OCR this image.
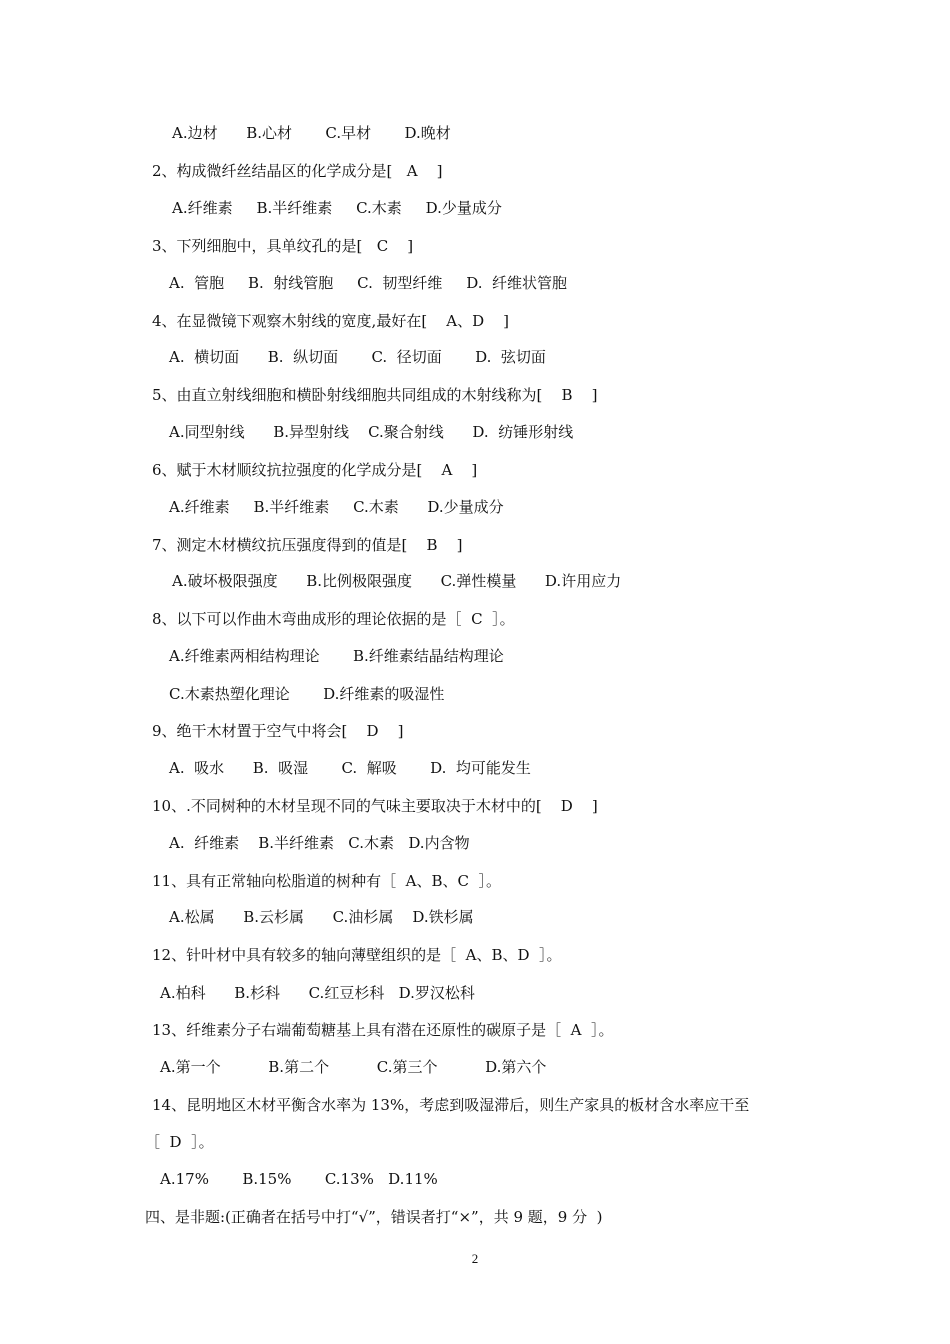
A.边材      B.心材       C.早材       D.晚材
2、构成微纤丝结晶区的化学成分是[   A    ]
A.纤维素     B.半纤维素     C.木素     D.少量成分
3、下列细胞中，具单纹孔的是[   C    ]
A.  管胞     B.  射线管胞     C.  韧型纤维     D.  纤维状管胞
4、在显微镜下观察木射线的宽度,最好在[    A、D    ]
A.  横切面      B.  纵切面       C.  径切面       D.  弦切面
5、由直立射线细胞和横卧射线细胞共同组成的木射线称为[    B    ]
A.同型射线      B.异型射线    C.聚合射线      D.  纺锤形射线
6、赋于木材顺纹抗拉强度的化学成分是[    A    ]
A.纤维素     B.半纤维素     C.木素      D.少量成分
7、测定木材横纹抗压强度得到的值是[    B    ]
A.破坏极限强度      B.比例极限强度      C.弹性模量      D.许用应力
8、以下可以作曲木弯曲成形的理论依据的是［  C  ］。
A.纤维素两相结构理论       B.纤维素结晶结构理论
C.木素热塑化理论       D.纤维素的吸湿性
9、绝干木材置于空气中将会[    D    ]
A.  吸水      B.  吸湿       C.  解吸       D.  均可能发生
10、.不同树种的木材呈现不同的气味主要取决于木材中的[    D    ]
A.  纤维素    B.半纤维素   C.木素   D.内含物
11、具有正常轴向松脂道的树种有［  A、B、C  ］。
A.松属      B.云杉属      C.油杉属    D.铁杉属
12、针叶材中具有较多的轴向薄壁组织的是［  A、B、D  ］。
A.柏科      B.杉科      C.红豆杉科   D.罗汉松科
13、纤维素分子右端葡萄糖基上具有潜在还原性的碳原子是［  A  ］。
A.第一个          B.第二个          C.第三个          D.第六个
14、昆明地区木材平衡含水率为 13%，考虑到吸湿滞后，则生产家具的板材含水率应干至
［  D  ］。
A.17%       B.15%       C.13%   D.11%
四、是非题:(正确者在括号中打“√”，错误者打“×”，共 9 题，9 分  )
2
